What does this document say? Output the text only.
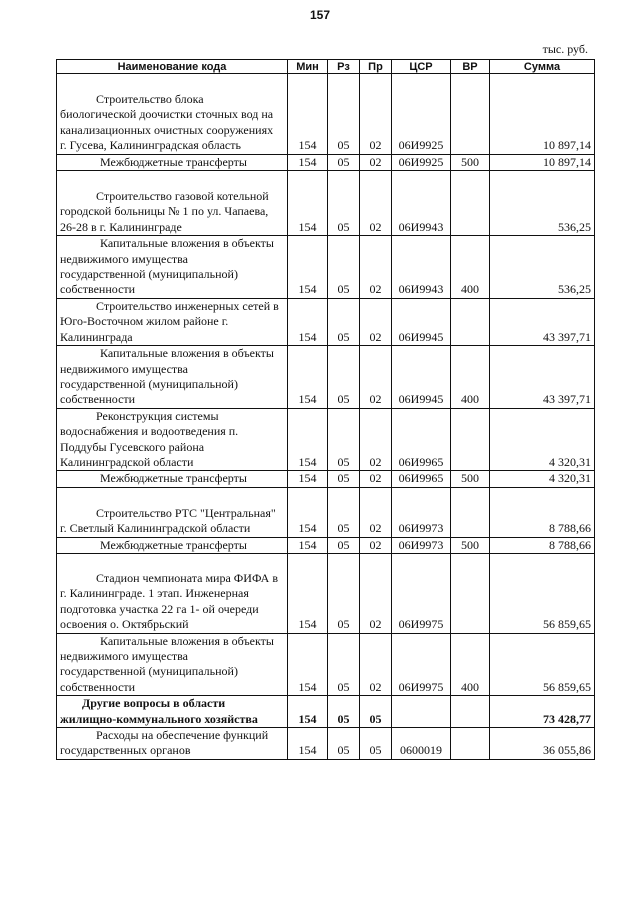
157
тыс. руб.
Наименование кода	Мин	Рз	Пр	ЦСР	ВР	Сумма

Строительство блока
биологической доочистки сточных вод на
канализационных очистных сооружениях
г. Гусева, Калининградская область	154	05	02	06И9925		10 897,14

Межбюджетные трансферты	154	05	02	06И9925	500	10 897,14

Строительство газовой котельной
городской больницы № 1 по ул. Чапаева,
26-28 в г. Калининграде	154	05	02	06И9943		536,25

Капитальные вложения в объекты
недвижимого имущества
государственной (муниципальной)
собственности	154	05	02	06И9943	400	536,25

Строительство инженерных сетей в
Юго-Восточном жилом районе г.
Калининграда	154	05	02	06И9945		43 397,71

Капитальные вложения в объекты
недвижимого имущества
государственной (муниципальной)
собственности	154	05	02	06И9945	400	43 397,71

Реконструкция системы
водоснабжения и водоотведения п.
Поддубы Гусевского района
Калининградской области	154	05	02	06И9965		4 320,31

Межбюджетные трансферты	154	05	02	06И9965	500	4 320,31

Строительство РТС "Центральная"
г. Светлый Калининградской области	154	05	02	06И9973		8 788,66

Межбюджетные трансферты	154	05	02	06И9973	500	8 788,66

Стадион чемпионата мира ФИФА в
г. Калининграде. 1 этап. Инженерная
подготовка участка 22 га 1- ой очереди
освоения о. Октябрьский	154	05	02	06И9975		56 859,65

Капитальные вложения в объекты
недвижимого имущества
государственной (муниципальной)
собственности	154	05	02	06И9975	400	56 859,65

Другие вопросы в области
жилищно-коммунального хозяйства	154	05	05			73 428,77

Расходы на обеспечение функций
государственных органов	154	05	05	0600019		36 055,86
